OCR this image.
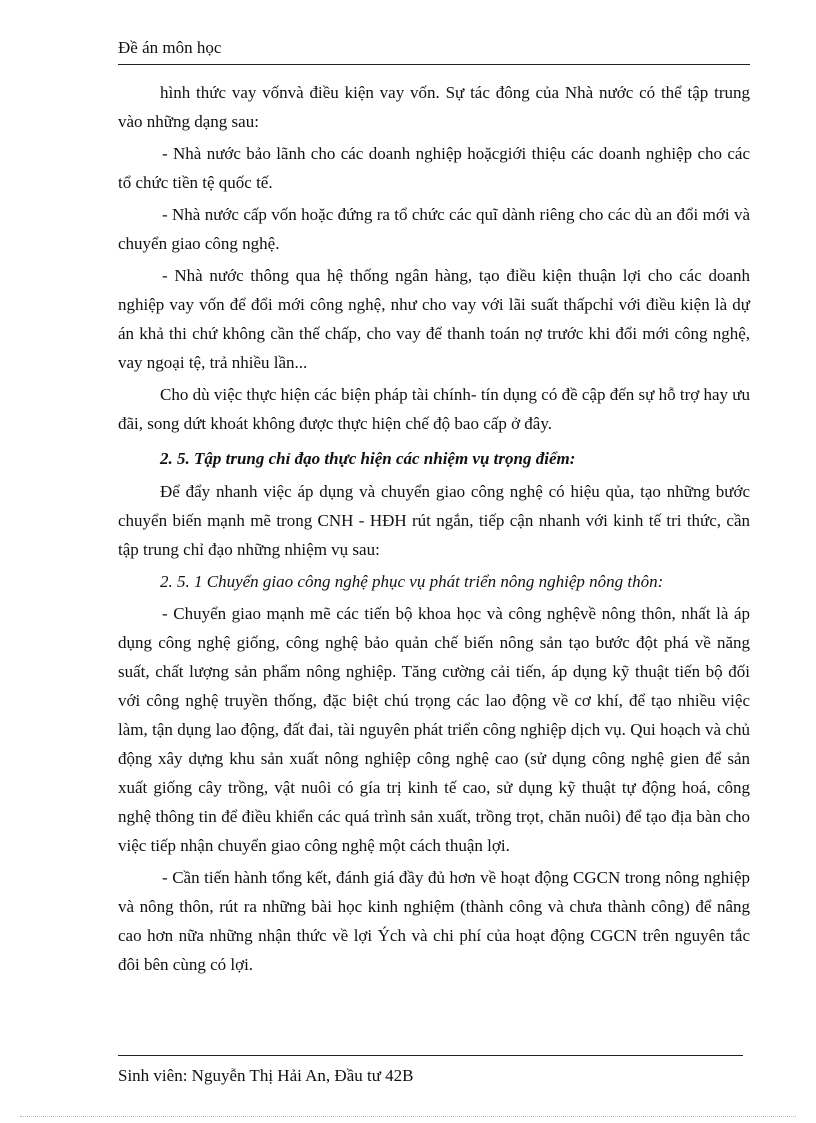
Đề án môn học

hình thức vay vốnvà điều kiện vay vốn. Sự tác đông của Nhà nước có thể tập trung vào những dạng sau:

- Nhà nước bảo lãnh cho các doanh nghiệp hoặcgiới thiệu các doanh nghiệp cho các tổ chức tiền tệ quốc tế.

- Nhà nước cấp vốn hoặc đứng ra tổ chức các quĩ dành riêng cho các dù an đổi mới và chuyển giao công nghệ.

- Nhà nước thông qua hệ thống ngân hàng, tạo điều kiện thuận lợi cho các doanh nghiệp vay vốn để đổi mới công nghệ, như cho vay với lãi suất thấpchỉ với điều kiện là dự án khả thi chứ không cần thế chấp, cho vay để thanh toán nợ trước khi đổi mới công nghệ, vay ngoại tệ, trả nhiều lần...

Cho dù việc thực hiện các biện pháp tài chính- tín dụng có đề cập đến sự hỗ trợ hay ưu đãi, song dứt khoát không được thực hiện chế độ bao cấp ở đây.

2. 5. Tập trung chỉ đạo thực hiện các nhiệm vụ trọng điểm:

Để đẩy nhanh việc áp dụng và chuyển giao công nghệ có hiệu qủa, tạo những bước chuyển biến mạnh mẽ trong CNH - HĐH rút ngắn, tiếp cận nhanh với kinh tế tri thức, cần tập trung chỉ đạo những nhiệm vụ sau:

2. 5. 1 Chuyển giao công nghệ phục vụ phát triển nông nghiệp nông thôn:

- Chuyển giao mạnh mẽ các tiến bộ khoa học và công nghệvề nông thôn, nhất là áp dụng công nghệ giống, công nghệ bảo quản chế biến nông sản tạo bước đột phá về năng suất, chất lượng sản phẩm nông nghiệp. Tăng cường cải tiến, áp dụng kỹ thuật tiến bộ đối với công nghệ truyền thống, đặc biệt chú trọng các lao động về cơ khí, để tạo nhiều việc làm, tận dụng lao động, đất đai, tài nguyên phát triển công nghiệp dịch vụ. Qui hoạch và chủ động xây dựng khu sản xuất nông nghiệp công nghệ cao (sử dụng công nghệ gien để sản xuất giống cây trồng, vật nuôi có gía trị kinh tế cao, sử dụng kỹ thuật tự động hoá, công nghệ thông tin để điều khiển các quá trình sản xuất, trồng trọt, chăn nuôi) để tạo địa bàn cho việc tiếp nhận chuyển giao công nghệ một cách thuận lợi.

- Cần tiến hành tổng kết, đánh giá đầy đủ hơn về hoạt động CGCN trong nông nghiệp và nông thôn, rút ra những bài học kinh nghiệm (thành công và chưa thành công) để nâng cao hơn nữa những nhận thức về lợi Ých và chi phí của hoạt động CGCN trên nguyên tắc đôi bên cùng có lợi.

Sinh viên: Nguyễn Thị Hải An, Đầu tư 42B
